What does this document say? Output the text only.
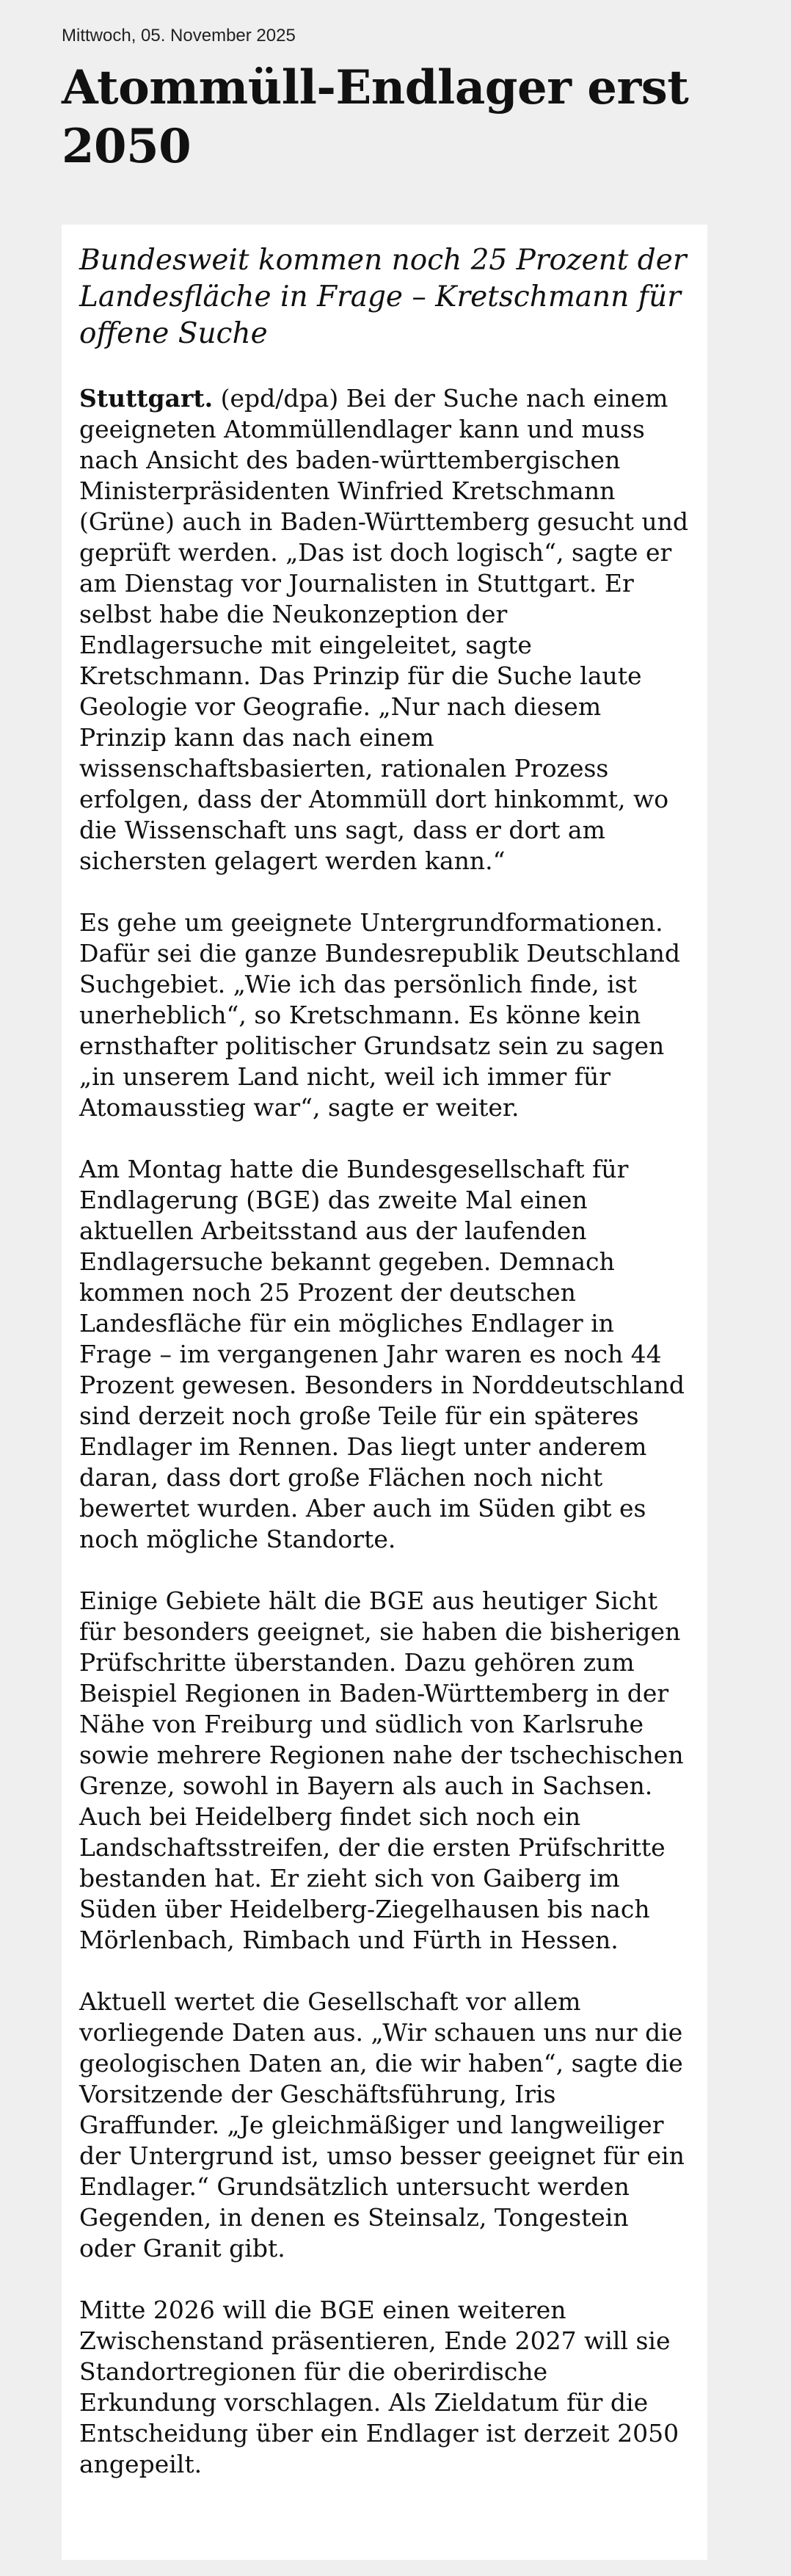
Mittwoch, 05. November 2025

Atommüll-Endlager erst 2050

Bundesweit kommen noch 25 Prozent der Landesfläche in Frage – Kretschmann für offene Suche

Stuttgart. (epd/dpa) Bei der Suche nach einem geeigneten Atommüllendlager kann und muss nach Ansicht des baden-württembergischen Ministerpräsidenten Winfried Kretschmann (Grüne) auch in Baden-Württemberg gesucht und geprüft werden. „Das ist doch logisch“, sagte er am Dienstag vor Journalisten in Stuttgart. Er selbst habe die Neukonzeption der Endlagersuche mit eingeleitet, sagte Kretschmann. Das Prinzip für die Suche laute Geologie vor Geografie. „Nur nach diesem Prinzip kann das nach einem wissenschaftsbasierten, rationalen Prozess erfolgen, dass der Atommüll dort hinkommt, wo die Wissenschaft uns sagt, dass er dort am sichersten gelagert werden kann.“

Es gehe um geeignete Untergrundformationen. Dafür sei die ganze Bundesrepublik Deutschland Suchgebiet. „Wie ich das persönlich finde, ist unerheblich“, so Kretschmann. Es könne kein ernsthafter politischer Grundsatz sein zu sagen „in unserem Land nicht, weil ich immer für Atomausstieg war“, sagte er weiter.

Am Montag hatte die Bundesgesellschaft für Endlagerung (BGE) das zweite Mal einen aktuellen Arbeitsstand aus der laufenden Endlagersuche bekannt gegeben. Demnach kommen noch 25 Prozent der deutschen Landesfläche für ein mögliches Endlager in Frage – im vergangenen Jahr waren es noch 44 Prozent gewesen. Besonders in Norddeutschland sind derzeit noch große Teile für ein späteres Endlager im Rennen. Das liegt unter anderem daran, dass dort große Flächen noch nicht bewertet wurden. Aber auch im Süden gibt es noch mögliche Standorte.

Einige Gebiete hält die BGE aus heutiger Sicht für besonders geeignet, sie haben die bisherigen Prüfschritte überstanden. Dazu gehören zum Beispiel Regionen in Baden-Württemberg in der Nähe von Freiburg und südlich von Karlsruhe sowie mehrere Regionen nahe der tschechischen Grenze, sowohl in Bayern als auch in Sachsen. Auch bei Heidelberg findet sich noch ein Landschaftsstreifen, der die ersten Prüfschritte bestanden hat. Er zieht sich von Gaiberg im Süden über Heidelberg-Ziegelhausen bis nach Mörlenbach, Rimbach und Fürth in Hessen.

Aktuell wertet die Gesellschaft vor allem vorliegende Daten aus. „Wir schauen uns nur die geologischen Daten an, die wir haben“, sagte die Vorsitzende der Geschäftsführung, Iris Graffunder. „Je gleichmäßiger und langweiliger der Untergrund ist, umso besser geeignet für ein Endlager.“ Grundsätzlich untersucht werden Gegenden, in denen es Steinsalz, Tongestein oder Granit gibt.

Mitte 2026 will die BGE einen weiteren Zwischenstand präsentieren, Ende 2027 will sie Standortregionen für die oberirdische Erkundung vorschlagen. Als Zieldatum für die Entscheidung über ein Endlager ist derzeit 2050 angepeilt.
